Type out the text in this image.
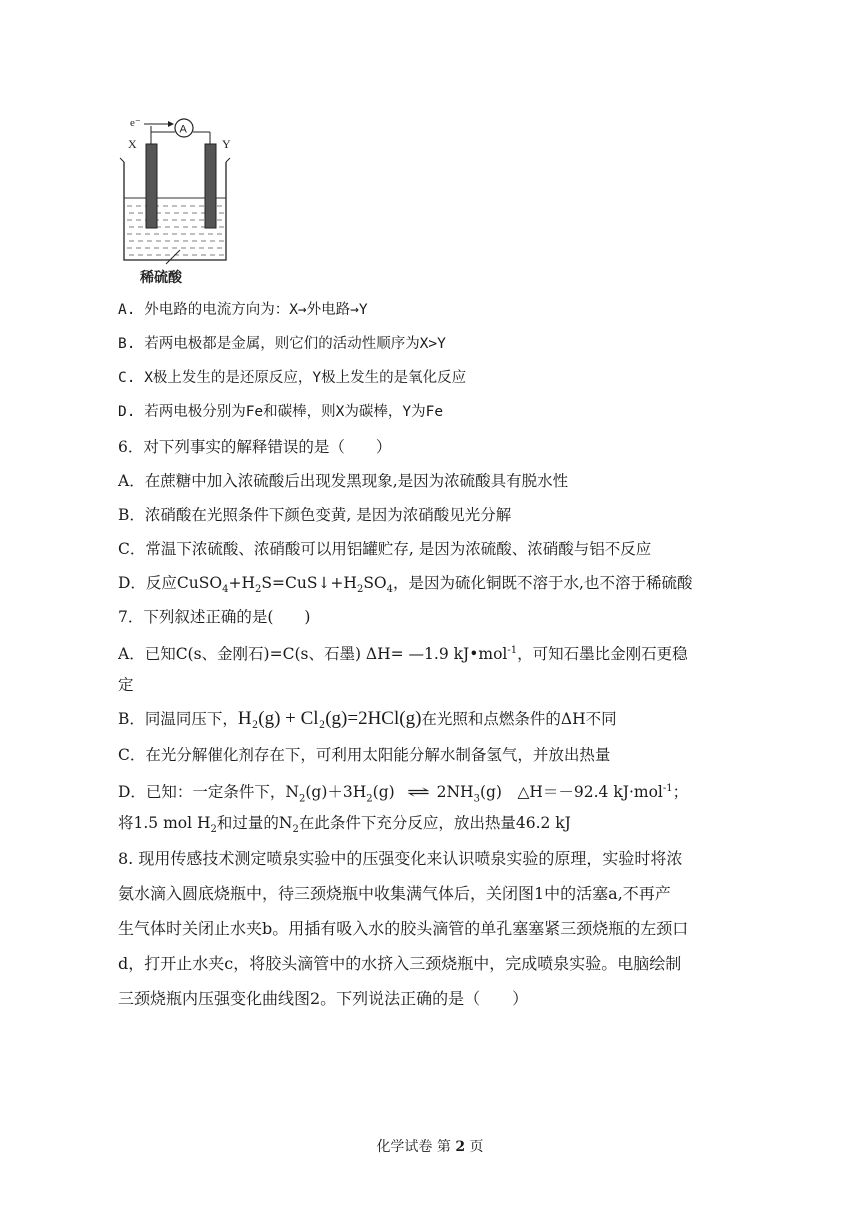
e⁻
A
X	Y
稀硫酸
A. 外电路的电流方向为：X→外电路→Y
B. 若两电极都是金属，则它们的活动性顺序为X>Y
C. X极上发生的是还原反应，Y极上发生的是氧化反应
D. 若两电极分别为Fe和碳棒，则X为碳棒，Y为Fe
6．对下列事实的解释错误的是（　　）
A．在蔗糖中加入浓硫酸后出现发黑现象,是因为浓硫酸具有脱水性
B．浓硝酸在光照条件下颜色变黄, 是因为浓硝酸见光分解
C．常温下浓硫酸、浓硝酸可以用铝罐贮存, 是因为浓硫酸、浓硝酸与铝不反应
D．反应$CuSO_4+H_2S=CuS↓+H_2SO_4$，是因为硫化铜既不溶于水,也不溶于稀硫酸
7．下列叙述正确的是(　　)
A．已知C(s、金刚石)=C(s、石墨) ΔH= —1.9 kJ•mol$^{-1}$，可知石墨比金刚石更稳
定
B．同温同压下，H₂(g) + Cl₂(g)=2HCl(g)在光照和点燃条件的ΔH不同
C．在光分解催化剂存在下，可利用太阳能分解水制备氢气，并放出热量
D．已知：一定条件下，$N_2(g)+3H_2(g)$ ⇌ $2NH_3(g)$　△H＝－92.4 kJ·mol$^{-1}$；
将1.5 mol $H_2$和过量的$N_2$在此条件下充分反应，放出热量46.2 kJ
8. 现用传感技术测定喷泉实验中的压强变化来认识喷泉实验的原理，实验时将浓
氨水滴入圆底烧瓶中，待三颈烧瓶中收集满气体后，关闭图1中的活塞a,不再产
生气体时关闭止水夹b。用插有吸入水的胶头滴管的单孔塞塞紧三颈烧瓶的左颈口
d，打开止水夹c，将胶头滴管中的水挤入三颈烧瓶中，完成喷泉实验。电脑绘制
三颈烧瓶内压强变化曲线图2。下列说法正确的是（　　）
化学试卷 第 2 页
